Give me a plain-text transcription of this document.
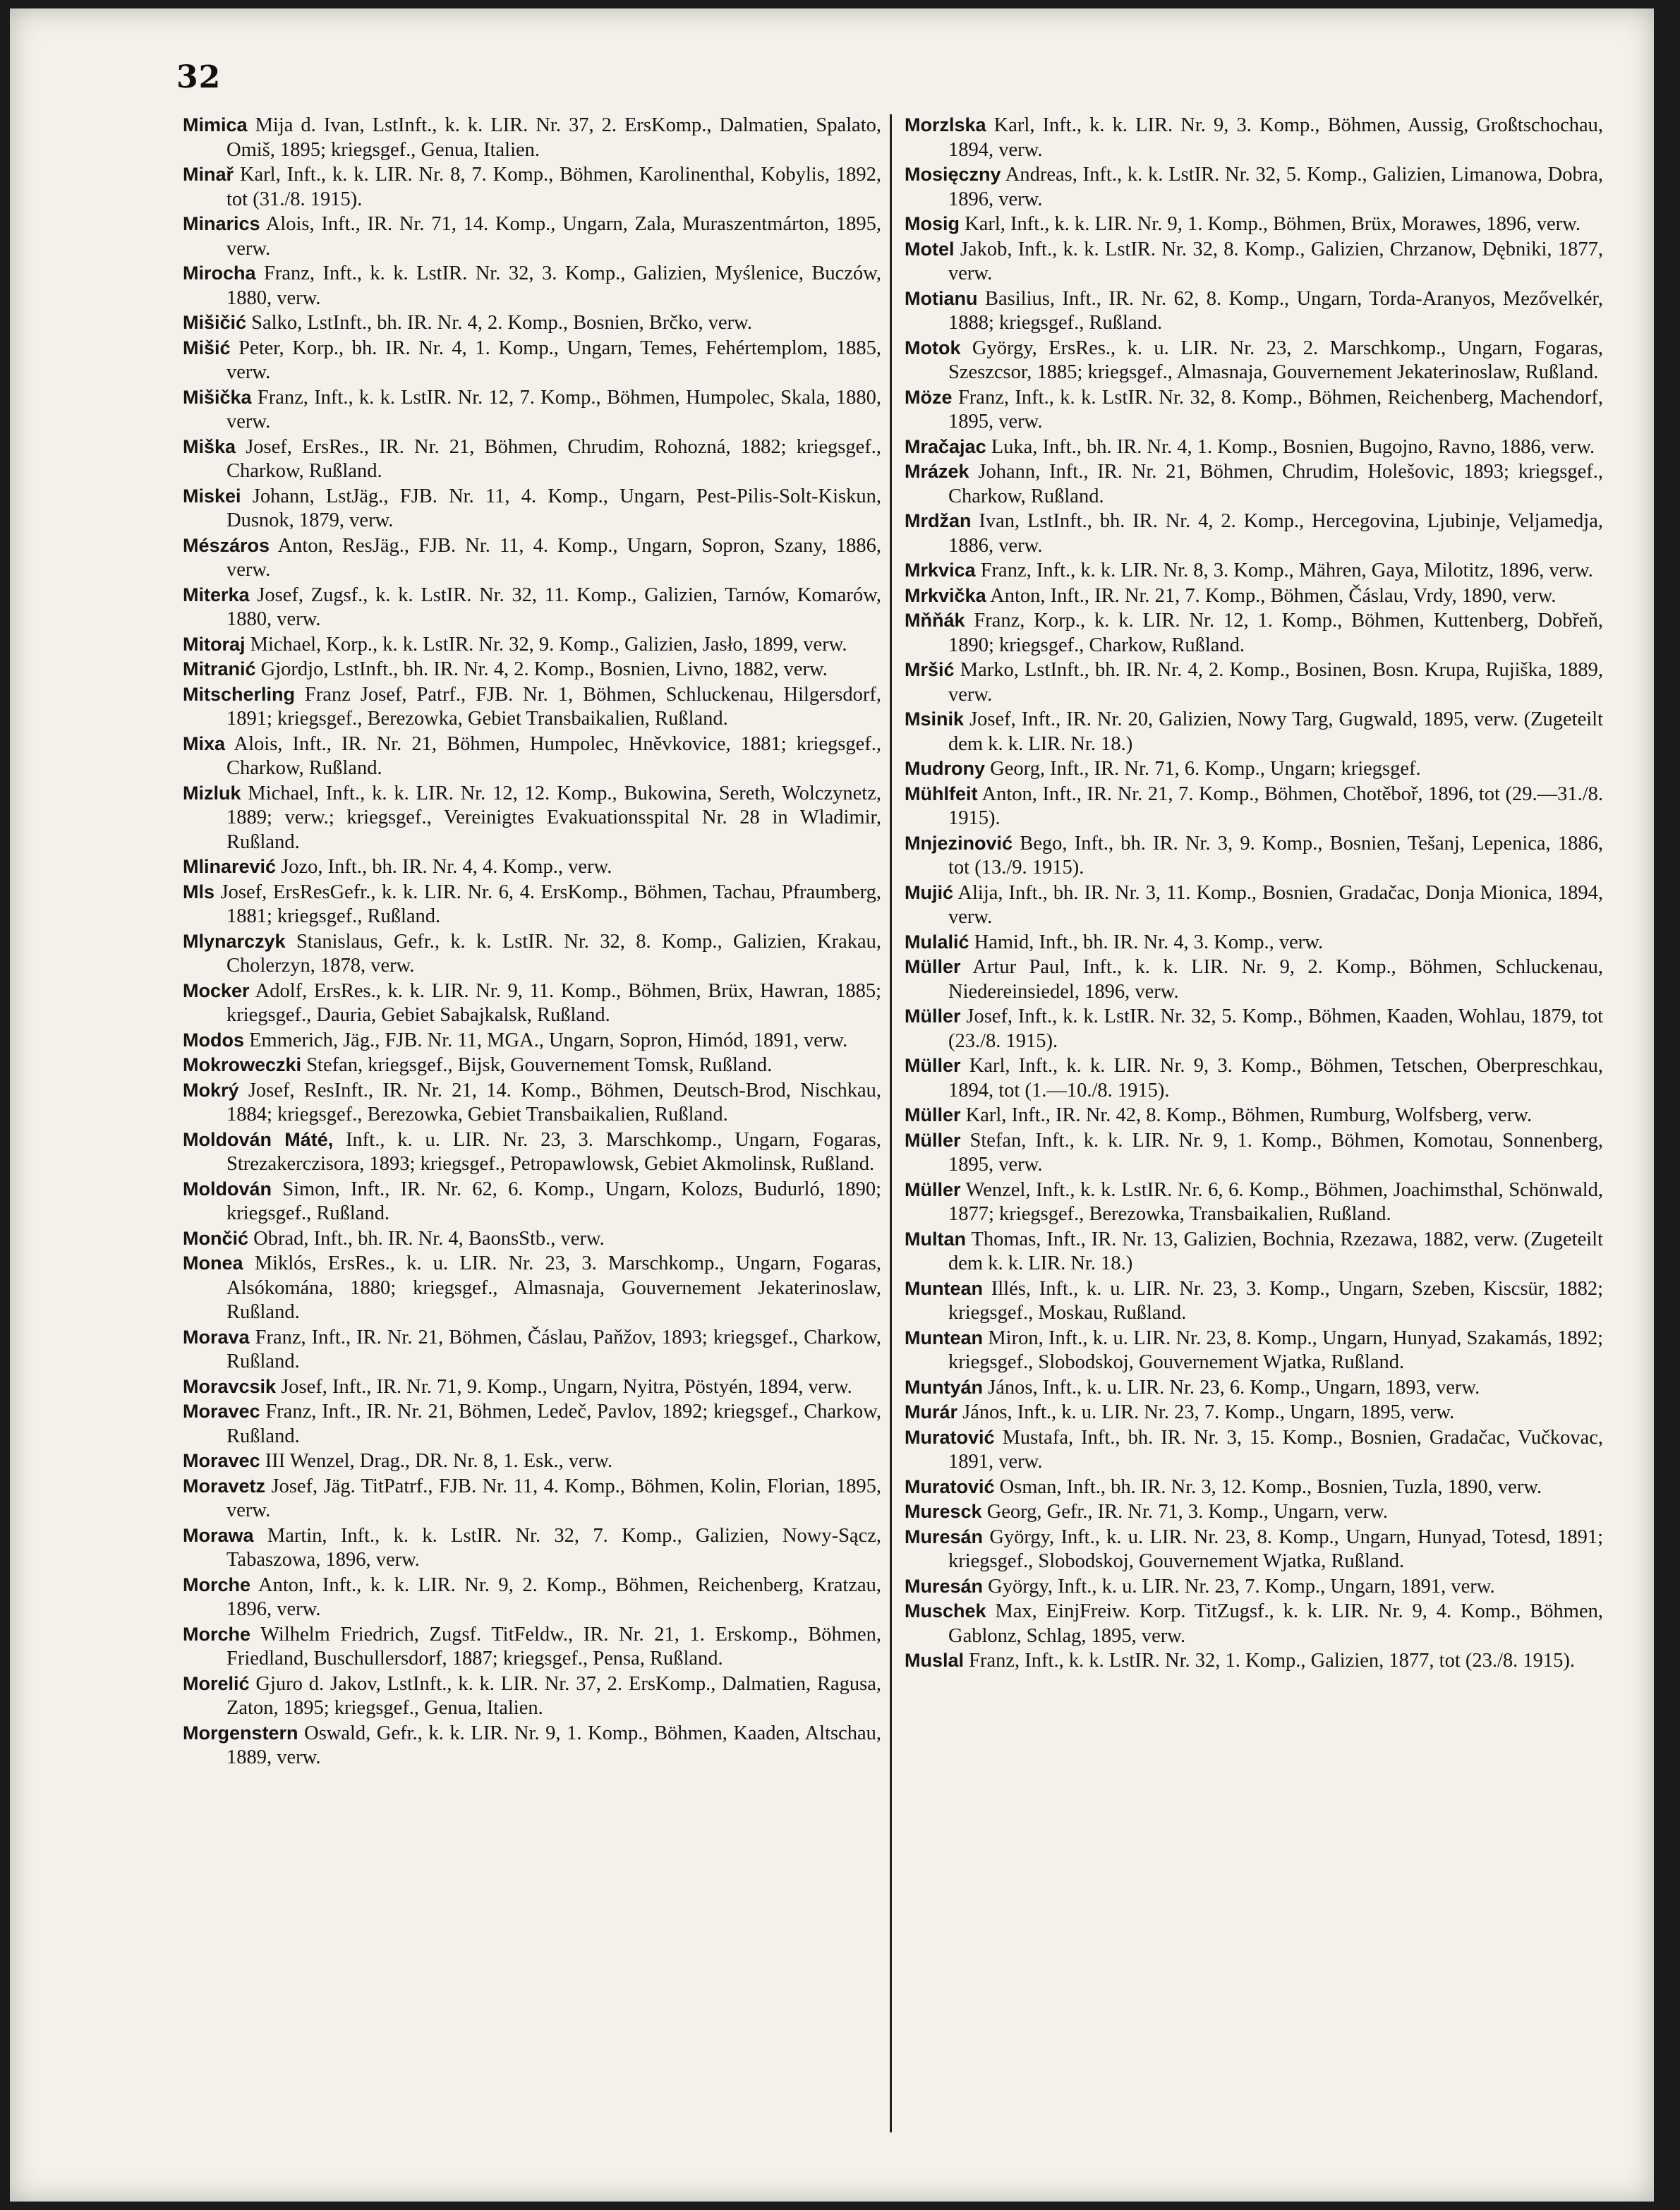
32

Mimica Mija d. Ivan, LstInft., k. k. LIR. Nr. 37, 2. ErsKomp., Dalmatien, Spalato, Omiš, 1895; kriegsgef., Genua, Italien.

Minař Karl, Inft., k. k. LIR. Nr. 8, 7. Komp., Böhmen, Karolinenthal, Kobylis, 1892, tot (31./8. 1915).

Minarics Alois, Inft., IR. Nr. 71, 14. Komp., Ungarn, Zala, Muraszentmárton, 1895, verw.

Mirocha Franz, Inft., k. k. LstIR. Nr. 32, 3. Komp., Galizien, Myślenice, Buczów, 1880, verw.

Mišičić Salko, LstInft., bh. IR. Nr. 4, 2. Komp., Bosnien, Brčko, verw.

Mišić Peter, Korp., bh. IR. Nr. 4, 1. Komp., Ungarn, Temes, Fehértemplom, 1885, verw.

Mišička Franz, Inft., k. k. LstIR. Nr. 12, 7. Komp., Böhmen, Humpolec, Skala, 1880, verw.

Miška Josef, ErsRes., IR. Nr. 21, Böhmen, Chrudim, Rohozná, 1882; kriegsgef., Charkow, Rußland.

Miskei Johann, LstJäg., FJB. Nr. 11, 4. Komp., Ungarn, Pest-Pilis-Solt-Kiskun, Dusnok, 1879, verw.

Mészáros Anton, ResJäg., FJB. Nr. 11, 4. Komp., Ungarn, Sopron, Szany, 1886, verw.

Miterka Josef, Zugsf., k. k. LstIR. Nr. 32, 11. Komp., Galizien, Tarnów, Komarów, 1880, verw.

Mitoraj Michael, Korp., k. k. LstIR. Nr. 32, 9. Komp., Galizien, Jasło, 1899, verw.

Mitranić Gjordjo, LstInft., bh. IR. Nr. 4, 2. Komp., Bosnien, Livno, 1882, verw.

Mitscherling Franz Josef, Patrf., FJB. Nr. 1, Böhmen, Schluckenau, Hilgersdorf, 1891; kriegsgef., Berezowka, Gebiet Transbaikalien, Rußland.

Mixa Alois, Inft., IR. Nr. 21, Böhmen, Humpolec, Hněvkovice, 1881; kriegsgef., Charkow, Rußland.

Mizluk Michael, Inft., k. k. LIR. Nr. 12, 12. Komp., Bukowina, Sereth, Wolczynetz, 1889; verw.; kriegsgef., Vereinigtes Evakuationsspital Nr. 28 in Wladimir, Rußland.

Mlinarević Jozo, Inft., bh. IR. Nr. 4, 4. Komp., verw.

Mls Josef, ErsResGefr., k. k. LIR. Nr. 6, 4. ErsKomp., Böhmen, Tachau, Pfraumberg, 1881; kriegsgef., Rußland.

Mlynarczyk Stanislaus, Gefr., k. k. LstIR. Nr. 32, 8. Komp., Galizien, Krakau, Cholerzyn, 1878, verw.

Mocker Adolf, ErsRes., k. k. LIR. Nr. 9, 11. Komp., Böhmen, Brüx, Hawran, 1885; kriegsgef., Dauria, Gebiet Sabajkalsk, Rußland.

Modos Emmerich, Jäg., FJB. Nr. 11, MGA., Ungarn, Sopron, Himód, 1891, verw.

Mokroweczki Stefan, kriegsgef., Bijsk, Gouvernement Tomsk, Rußland.

Mokrý Josef, ResInft., IR. Nr. 21, 14. Komp., Böhmen, Deutsch-Brod, Nischkau, 1884; kriegsgef., Berezowka, Gebiet Transbaikalien, Rußland.

Moldován Máté, Inft., k. u. LIR. Nr. 23, 3. Marschkomp., Ungarn, Fogaras, Strezakerczisora, 1893; kriegsgef., Petropawlowsk, Gebiet Akmolinsk, Rußland.

Moldován Simon, Inft., IR. Nr. 62, 6. Komp., Ungarn, Kolozs, Budurló, 1890; kriegsgef., Rußland.

Mončić Obrad, Inft., bh. IR. Nr. 4, BaonsStb., verw.

Monea Miklós, ErsRes., k. u. LIR. Nr. 23, 3. Marschkomp., Ungarn, Fogaras, Alsókomána, 1880; kriegsgef., Almasnaja, Gouvernement Jekaterinoslaw, Rußland.

Morava Franz, Inft., IR. Nr. 21, Böhmen, Čáslau, Paňžov, 1893; kriegsgef., Charkow, Rußland.

Moravcsik Josef, Inft., IR. Nr. 71, 9. Komp., Ungarn, Nyitra, Pöstyén, 1894, verw.

Moravec Franz, Inft., IR. Nr. 21, Böhmen, Ledeč, Pavlov, 1892; kriegsgef., Charkow, Rußland.

Moravec III Wenzel, Drag., DR. Nr. 8, 1. Esk., verw.

Moravetz Josef, Jäg. TitPatrf., FJB. Nr. 11, 4. Komp., Böhmen, Kolin, Florian, 1895, verw.

Morawa Martin, Inft., k. k. LstIR. Nr. 32, 7. Komp., Galizien, Nowy-Sącz, Tabaszowa, 1896, verw.

Morche Anton, Inft., k. k. LIR. Nr. 9, 2. Komp., Böhmen, Reichenberg, Kratzau, 1896, verw.

Morche Wilhelm Friedrich, Zugsf. TitFeldw., IR. Nr. 21, 1. Erskomp., Böhmen, Friedland, Buschullersdorf, 1887; kriegsgef., Pensa, Rußland.

Morelić Gjuro d. Jakov, LstInft., k. k. LIR. Nr. 37, 2. ErsKomp., Dalmatien, Ragusa, Zaton, 1895; kriegsgef., Genua, Italien.

Morgenstern Oswald, Gefr., k. k. LIR. Nr. 9, 1. Komp., Böhmen, Kaaden, Altschau, 1889, verw.

Morzlska Karl, Inft., k. k. LIR. Nr. 9, 3. Komp., Böhmen, Aussig, Großtschochau, 1894, verw.

Mosięczny Andreas, Inft., k. k. LstIR. Nr. 32, 5. Komp., Galizien, Limanowa, Dobra, 1896, verw.

Mosig Karl, Inft., k. k. LIR. Nr. 9, 1. Komp., Böhmen, Brüx, Morawes, 1896, verw.

Motel Jakob, Inft., k. k. LstIR. Nr. 32, 8. Komp., Galizien, Chrzanow, Dębniki, 1877, verw.

Motianu Basilius, Inft., IR. Nr. 62, 8. Komp., Ungarn, Torda-Aranyos, Mezővelkér, 1888; kriegsgef., Rußland.

Motok György, ErsRes., k. u. LIR. Nr. 23, 2. Marschkomp., Ungarn, Fogaras, Szeszcsor, 1885; kriegsgef., Almasnaja, Gouvernement Jekaterinoslaw, Rußland.

Möze Franz, Inft., k. k. LstIR. Nr. 32, 8. Komp., Böhmen, Reichenberg, Machendorf, 1895, verw.

Mračajac Luka, Inft., bh. IR. Nr. 4, 1. Komp., Bosnien, Bugojno, Ravno, 1886, verw.

Mrázek Johann, Inft., IR. Nr. 21, Böhmen, Chrudim, Holešovic, 1893; kriegsgef., Charkow, Rußland.

Mrdžan Ivan, LstInft., bh. IR. Nr. 4, 2. Komp., Hercegovina, Ljubinje, Veljamedja, 1886, verw.

Mrkvica Franz, Inft., k. k. LIR. Nr. 8, 3. Komp., Mähren, Gaya, Milotitz, 1896, verw.

Mrkvička Anton, Inft., IR. Nr. 21, 7. Komp., Böhmen, Čáslau, Vrdy, 1890, verw.

Mňňák Franz, Korp., k. k. LIR. Nr. 12, 1. Komp., Böhmen, Kuttenberg, Dobřeň, 1890; kriegsgef., Charkow, Rußland.

Mršić Marko, LstInft., bh. IR. Nr. 4, 2. Komp., Bosinen, Bosn. Krupa, Rujiška, 1889, verw.

Msinik Josef, Inft., IR. Nr. 20, Galizien, Nowy Targ, Gugwald, 1895, verw. (Zugeteilt dem k. k. LIR. Nr. 18.)

Mudrony Georg, Inft., IR. Nr. 71, 6. Komp., Ungarn; kriegsgef.

Mühlfeit Anton, Inft., IR. Nr. 21, 7. Komp., Böhmen, Chotěboř, 1896, tot (29.—31./8. 1915).

Mnjezinović Bego, Inft., bh. IR. Nr. 3, 9. Komp., Bosnien, Tešanj, Lepenica, 1886, tot (13./9. 1915).

Mujić Alija, Inft., bh. IR. Nr. 3, 11. Komp., Bosnien, Gradačac, Donja Mionica, 1894, verw.

Mulalić Hamid, Inft., bh. IR. Nr. 4, 3. Komp., verw.

Müller Artur Paul, Inft., k. k. LIR. Nr. 9, 2. Komp., Böhmen, Schluckenau, Niedereinsiedel, 1896, verw.

Müller Josef, Inft., k. k. LstIR. Nr. 32, 5. Komp., Böhmen, Kaaden, Wohlau, 1879, tot (23./8. 1915).

Müller Karl, Inft., k. k. LIR. Nr. 9, 3. Komp., Böhmen, Tetschen, Oberpreschkau, 1894, tot (1.—10./8. 1915).

Müller Karl, Inft., IR. Nr. 42, 8. Komp., Böhmen, Rumburg, Wolfsberg, verw.

Müller Stefan, Inft., k. k. LIR. Nr. 9, 1. Komp., Böhmen, Komotau, Sonnenberg, 1895, verw.

Müller Wenzel, Inft., k. k. LstIR. Nr. 6, 6. Komp., Böhmen, Joachimsthal, Schönwald, 1877; kriegsgef., Berezowka, Transbaikalien, Rußland.

Multan Thomas, Inft., IR. Nr. 13, Galizien, Bochnia, Rzezawa, 1882, verw. (Zugeteilt dem k. k. LIR. Nr. 18.)

Muntean Illés, Inft., k. u. LIR. Nr. 23, 3. Komp., Ungarn, Szeben, Kiscsür, 1882; kriegsgef., Moskau, Rußland.

Muntean Miron, Inft., k. u. LIR. Nr. 23, 8. Komp., Ungarn, Hunyad, Szakamás, 1892; kriegsgef., Slobodskoj, Gouvernement Wjatka, Rußland.

Muntyán János, Inft., k. u. LIR. Nr. 23, 6. Komp., Ungarn, 1893, verw.

Murár János, Inft., k. u. LIR. Nr. 23, 7. Komp., Ungarn, 1895, verw.

Muratović Mustafa, Inft., bh. IR. Nr. 3, 15. Komp., Bosnien, Gradačac, Vučkovac, 1891, verw.

Muratović Osman, Inft., bh. IR. Nr. 3, 12. Komp., Bosnien, Tuzla, 1890, verw.

Muresck Georg, Gefr., IR. Nr. 71, 3. Komp., Ungarn, verw.

Muresán György, Inft., k. u. LIR. Nr. 23, 8. Komp., Ungarn, Hunyad, Totesd, 1891; kriegsgef., Slobodskoj, Gouvernement Wjatka, Rußland.

Muresán György, Inft., k. u. LIR. Nr. 23, 7. Komp., Ungarn, 1891, verw.

Muschek Max, EinjFreiw. Korp. TitZugsf., k. k. LIR. Nr. 9, 4. Komp., Böhmen, Gablonz, Schlag, 1895, verw.

Muslal Franz, Inft., k. k. LstIR. Nr. 32, 1. Komp., Galizien, 1877, tot (23./8. 1915).
